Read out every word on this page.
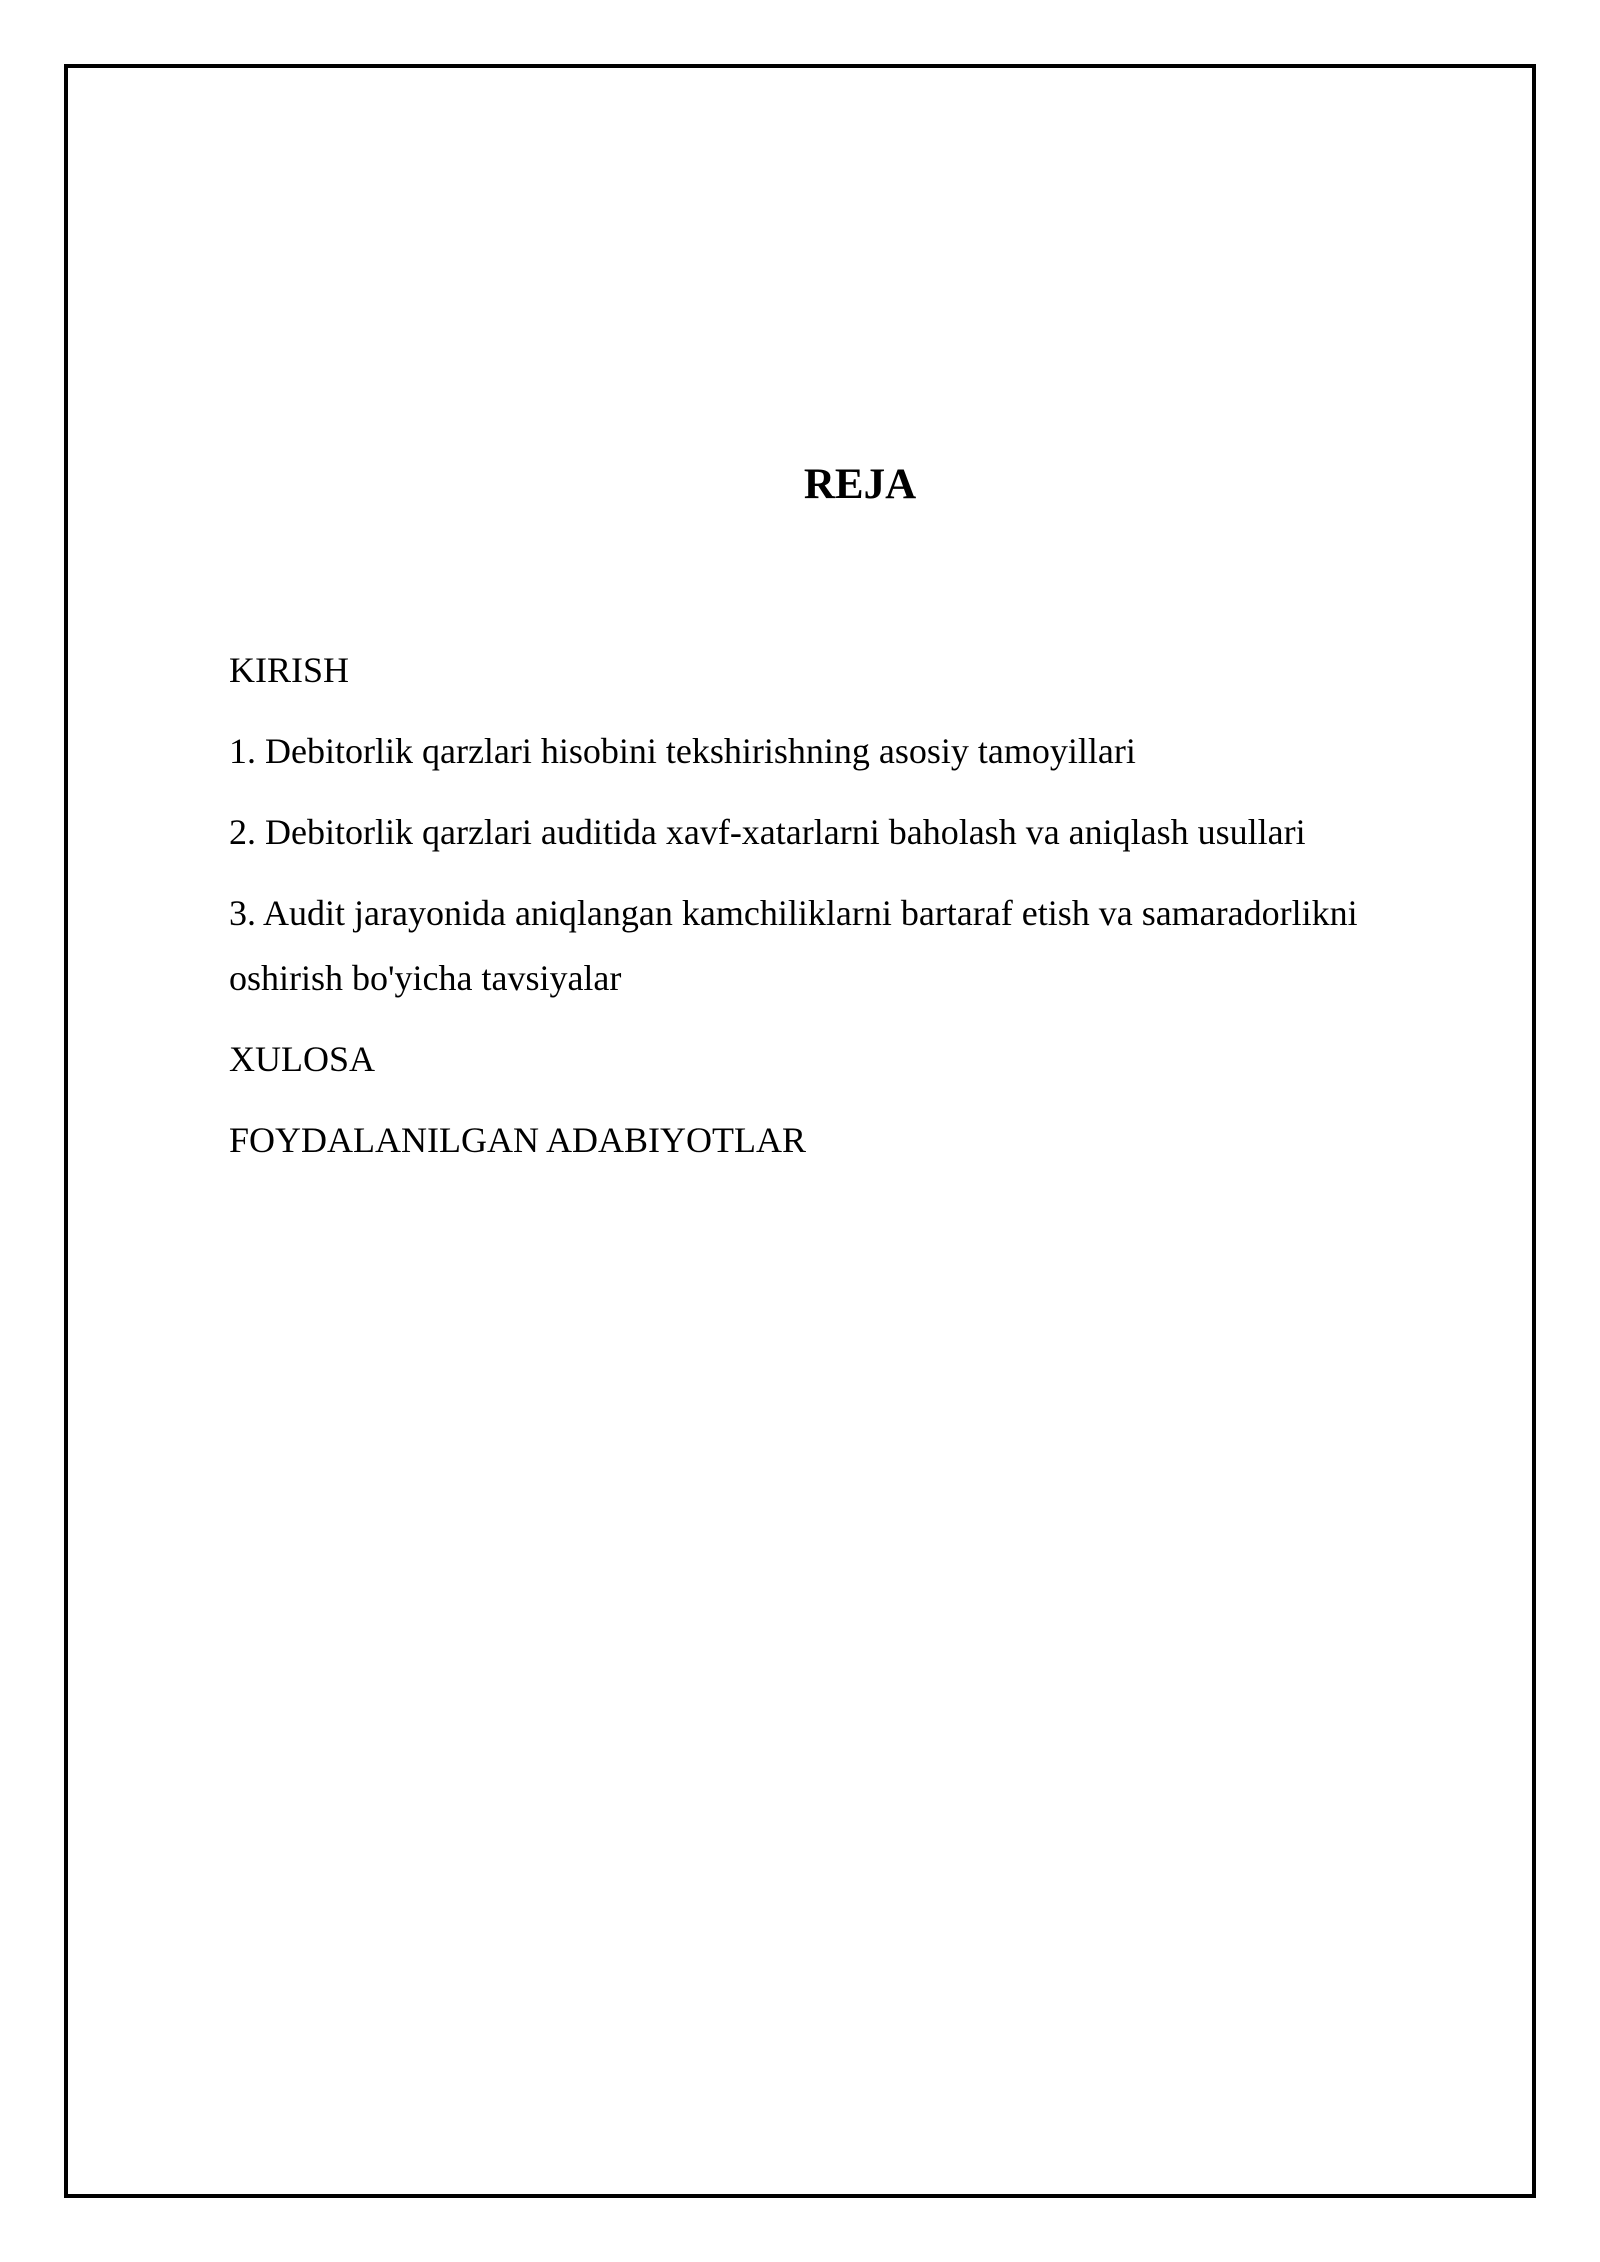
REJA
KIRISH
1. Debitorlik qarzlari hisobini tekshirishning asosiy tamoyillari
2. Debitorlik qarzlari auditida xavf-xatarlarni baholash va aniqlash usullari
3. Audit jarayonida aniqlangan kamchiliklarni bartaraf etish va samaradorlikni oshirish bo'yicha tavsiyalar
XULOSA
FOYDALANILGAN ADABIYOTLAR
